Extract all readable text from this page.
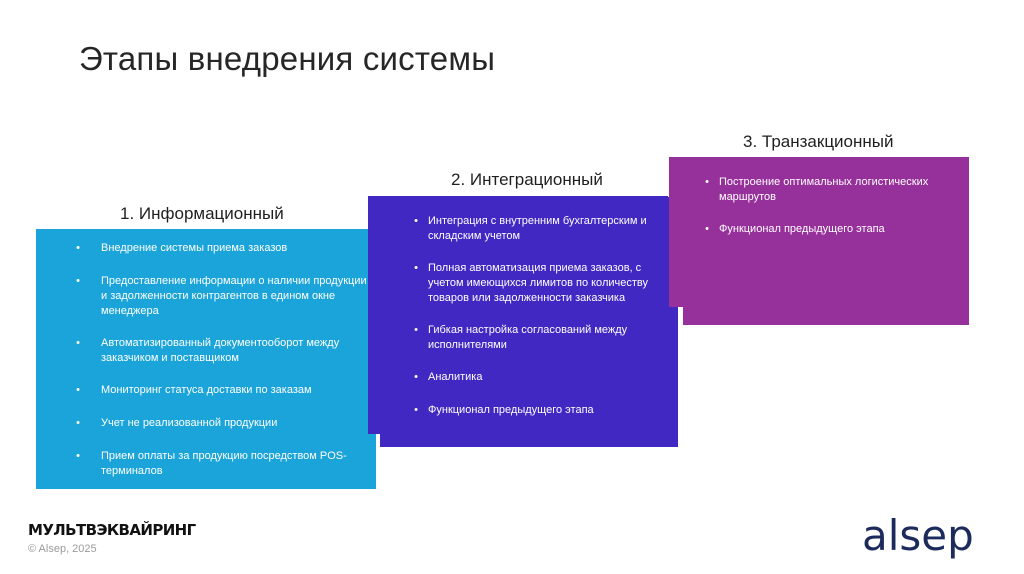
Этапы внедрения системы
1. Информационный
•	Внедрение системы приема заказов
•	Предоставление информации о наличии продукции и задолженности контрагентов в едином окне менеджера
•	Автоматизированный документооборот между заказчиком и поставщиком
•	Мониторинг статуса доставки по заказам
•	Учет не реализованной продукции
•	Прием оплаты за продукцию посредством POS-терминалов
2. Интеграционный
• Интеграция с внутренним бухгалтерским и складским учетом
• Полная автоматизация приема заказов, с учетом имеющихся лимитов по количеству товаров или задолженности заказчика
• Гибкая настройка согласований между исполнителями
• Аналитика
• Функционал предыдущего этапа
3. Транзакционный
• Построение оптимальных логистических маршрутов
• Функционал предыдущего этапа
МУЛЬТВЭКВАЙРИНГ
© Alsep, 2025	alsep
